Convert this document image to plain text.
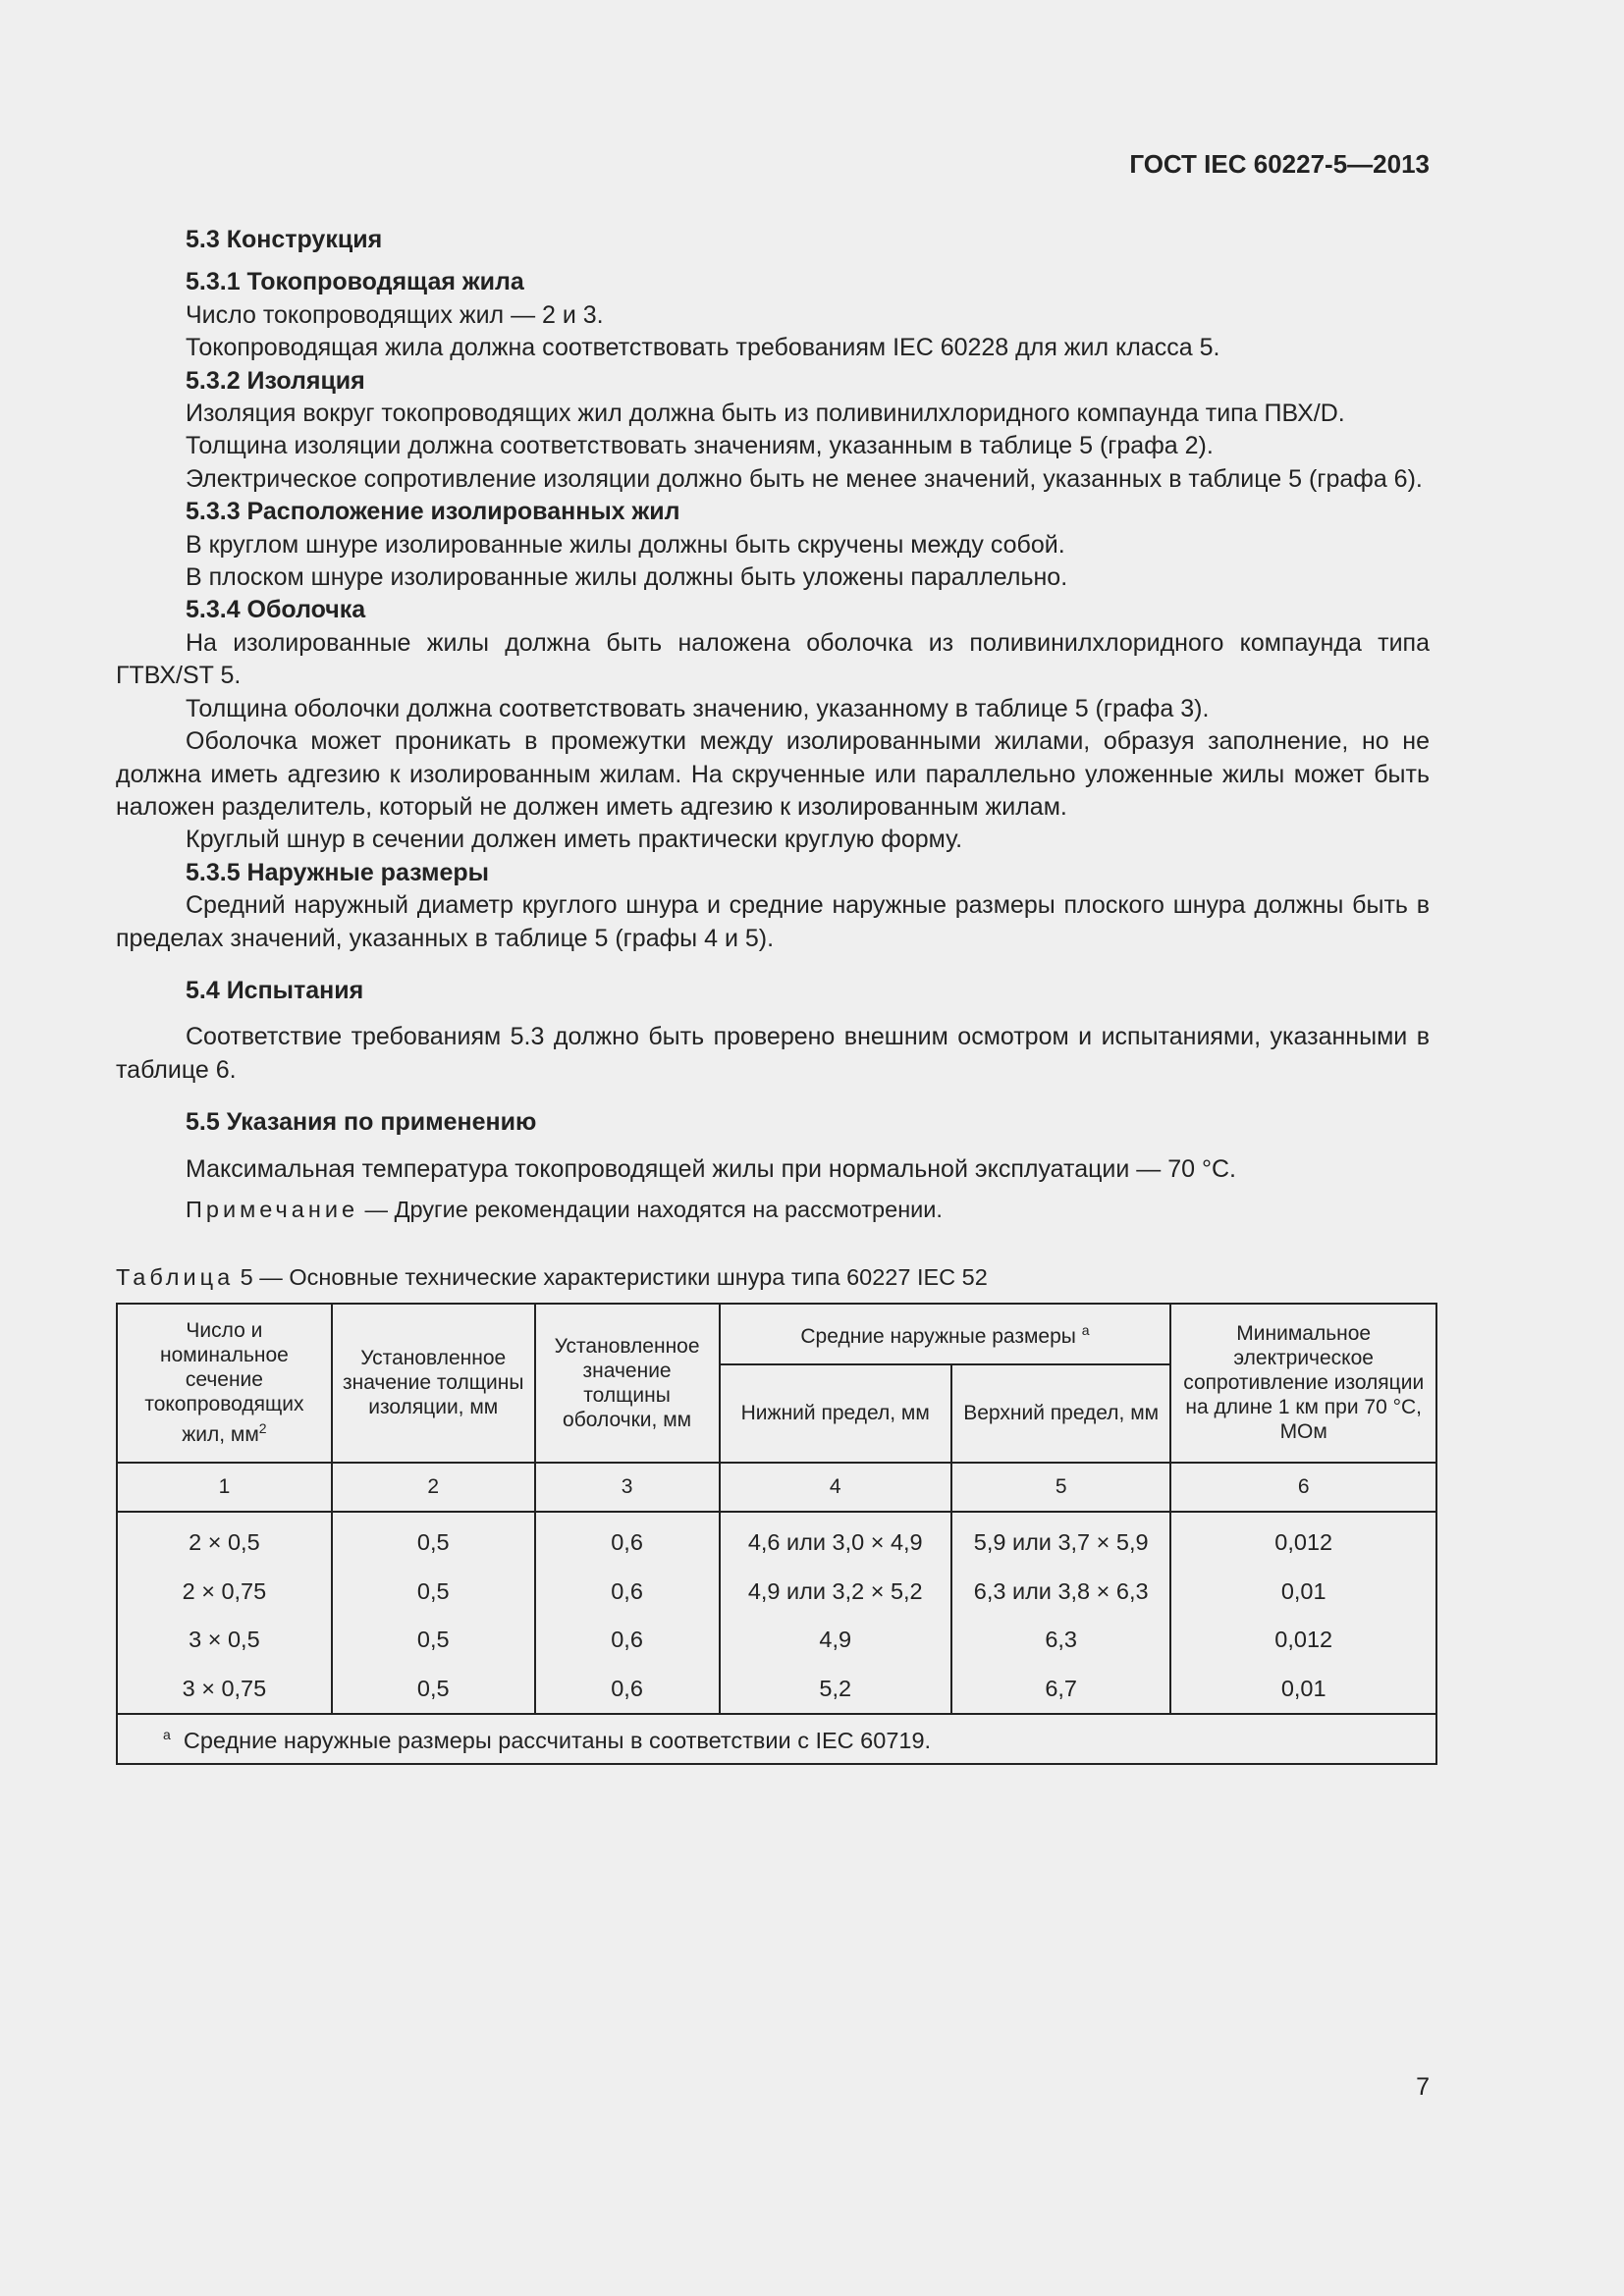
ГОСТ IEC 60227-5—2013

5.3 Конструкция

5.3.1 Токопроводящая жила

Число токопроводящих жил — 2 и 3.

Токопроводящая жила должна соответствовать требованиям IEC 60228 для жил класса 5.

5.3.2 Изоляция

Изоляция вокруг токопроводящих жил должна быть из поливинилхлоридного компаунда типа ПВХ/D.

Толщина изоляции должна соответствовать значениям, указанным в таблице 5 (графа 2).

Электрическое сопротивление изоляции должно быть не менее значений, указанных в таблице 5 (графа 6).

5.3.3 Расположение изолированных жил

В круглом шнуре изолированные жилы должны быть скручены между собой.

В плоском шнуре изолированные жилы должны быть уложены параллельно.

5.3.4 Оболочка

На изолированные жилы должна быть наложена оболочка из поливинилхлоридного компаунда типа ГТВХ/ST 5.

Толщина оболочки должна соответствовать значению, указанному в таблице 5 (графа 3).

Оболочка может проникать в промежутки между изолированными жилами, образуя заполнение, но не должна иметь адгезию к изолированным жилам. На скрученные или параллельно уложенные жилы может быть наложен разделитель, который не должен иметь адгезию к изолированным жилам.

Круглый шнур в сечении должен иметь практически круглую форму.

5.3.5 Наружные размеры

Средний наружный диаметр круглого шнура и средние наружные размеры плоского шнура должны быть в пределах значений, указанных в таблице 5 (графы 4 и 5).

5.4 Испытания

Соответствие требованиям 5.3 должно быть проверено внешним осмотром и испытаниями, указанными в таблице 6.

5.5 Указания по применению

Максимальная температура токопроводящей жилы при нормальной эксплуатации — 70 °С.

Примечание — Другие рекомендации находятся на рассмотрении.

Таблица 5 — Основные технические характеристики шнура типа 60227 IEC 52
Число и номинальное сечение токопроводящих жил, $мм^2$	Установленное значение толщины изоляции, мм	Установленное значение толщины оболочки, мм	Средние наружные размеры $^а$		Минимальное электрическое сопротивление изоляции на длине 1 км при 70 °С, МОм
			Нижний предел, мм	Верхний предел, мм	
1	2	3	4	5	6
2 × 0,5	0,5	0,6	4,6 или 3,0 × 4,9	5,9 или 3,7 × 5,9	0,012
2 × 0,75	0,5	0,6	4,9 или 3,2 × 5,2	6,3 или 3,8 × 6,3	0,01
3 × 0,5	0,5	0,6	4,9	6,3	0,012
3 × 0,75	0,5	0,6	5,2	6,7	0,01
$^а$ Средние наружные размеры рассчитаны в соответствии с IEC 60719.					
7
